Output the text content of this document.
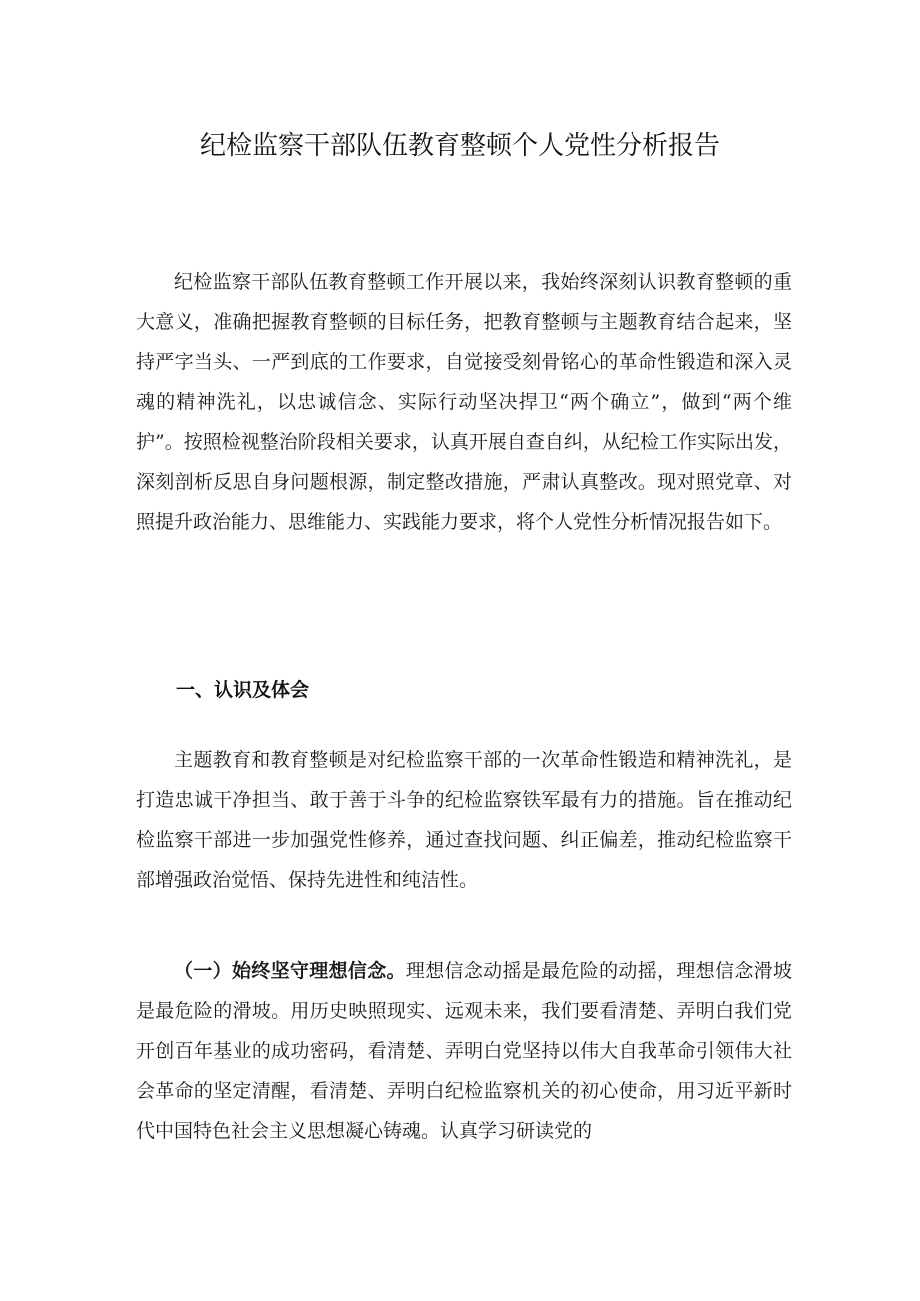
纪检监察干部队伍教育整顿个人党性分析报告

纪检监察干部队伍教育整顿工作开展以来，我始终深刻认识教育整顿的重大意义，准确把握教育整顿的目标任务，把教育整顿与主题教育结合起来，坚持严字当头、一严到底的工作要求，自觉接受刻骨铭心的革命性锻造和深入灵魂的精神洗礼，以忠诚信念、实际行动坚决捍卫“两个确立”，做到“两个维护”。按照检视整治阶段相关要求，认真开展自查自纠，从纪检工作实际出发，深刻剖析反思自身问题根源，制定整改措施，严肃认真整改。现对照党章、对照提升政治能力、思维能力、实践能力要求，将个人党性分析情况报告如下。

一、认识及体会

主题教育和教育整顿是对纪检监察干部的一次革命性锻造和精神洗礼，是打造忠诚干净担当、敢于善于斗争的纪检监察铁军最有力的措施。旨在推动纪检监察干部进一步加强党性修养，通过查找问题、纠正偏差，推动纪检监察干部增强政治觉悟、保持先进性和纯洁性。

（一）始终坚守理想信念。理想信念动摇是最危险的动摇，理想信念滑坡是最危险的滑坡。用历史映照现实、远观未来，我们要看清楚、弄明白我们党开创百年基业的成功密码，看清楚、弄明白党坚持以伟大自我革命引领伟大社会革命的坚定清醒，看清楚、弄明白纪检监察机关的初心使命，用习近平新时代中国特色社会主义思想凝心铸魂。认真学习研读党的
